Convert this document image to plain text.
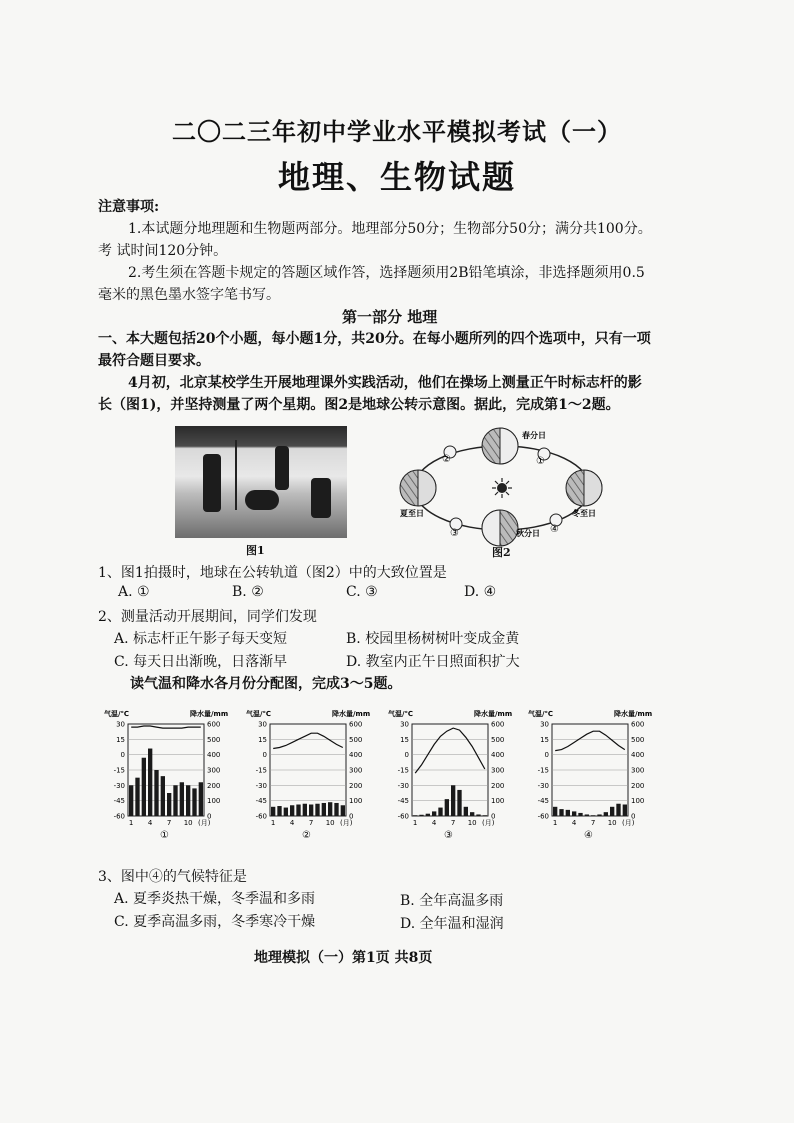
二〇二三年初中学业水平模拟考试（一）
地理、生物试题
注意事项:
1.本试题分地理题和生物题两部分。地理部分50分；生物部分50分；满分共100分。
考 试时间120分钟。
2.考生须在答题卡规定的答题区域作答，选择题须用2B铅笔填涂，非选择题须用0.5
毫米的黑色墨水签字笔书写。
第一部分 地理
一、本大题包括20个小题，每小题1分，共20分。在每小题所列的四个选项中，只有一项
最符合题目要求。
4月初，北京某校学生开展地理课外实践活动，他们在操场上测量正午时标志杆的影
长（图1)，并坚持测量了两个星期。图2是地球公转示意图。据此，完成第1～2题。
图1
春分日
夏至日	冬至日
秋分日
①
②
③	④
图2
1、图1拍摄时，地球在公转轨道（图2）中的大致位置是
A. ①	B. ②	C. ③	D. ④
2、测量活动开展期间，同学们发现
A. 标志杆正午影子每天变短	B. 校园里杨树树叶变成金黄
C. 每天日出渐晚，日落渐早	D. 教室内正午日照面积扩大
读气温和降水各月份分配图，完成3～5题。
气温/℃	降水量/mm
30	600
15	500
0	400
-15	300
-30	200
-45	100
-60	0
1 4 7 10 (月)
①
气温/℃	降水量/mm
30	600
15	500
0	400
-15	300
-30	200
-45	100
-60	0
1 4 7 10 (月)
②
气温/℃	降水量/mm
30	600
15	500
0	400
-15	300
-30	200
-45	100
-60	0
1 4 7 10 (月)
③
气温/℃	降水量/mm
30	600
15	500
0	400
-15	300
-30	200
-45	100
-60	0
1 4 7 10 (月)
④
3、图中④的气候特征是
A. 夏季炎热干燥，冬季温和多雨	B. 全年高温多雨
C. 夏季高温多雨，冬季寒冷干燥	D. 全年温和湿润
地理模拟（一）第1页 共8页
